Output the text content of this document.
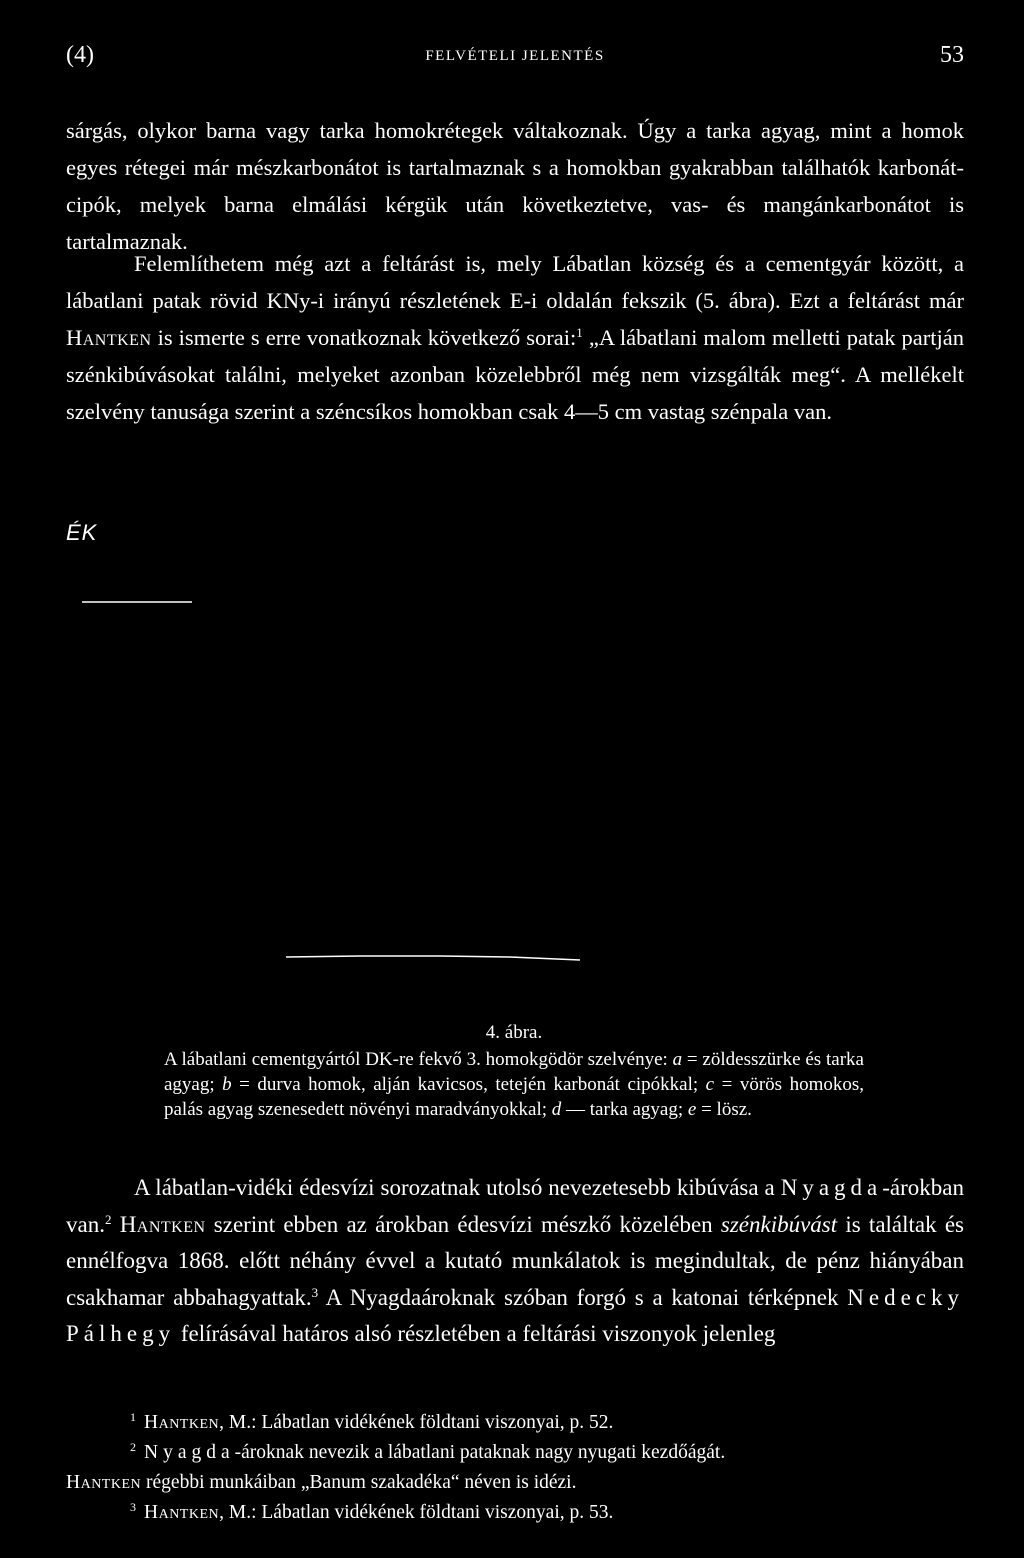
(4)	FELVÉTELI JELENTÉS	53

sárgás, olykor barna vagy tarka homokrétegek váltakoznak. Úgy a tarka agyag, mint a homok egyes rétegei már mészkarbonátot is tartalmaznak s a homokban gyakrabban találhatók karbonát-cipók, melyek barna elmálási kérgük után következtetve, vas- és mangánkarbonátot is tartalmaznak.

Felemlíthetem még azt a feltárást is, mely Lábatlan község és a cementgyár között, a lábatlani patak rövid KNy-i irányú részletének E-i oldalán fekszik (5. ábra). Ezt a feltárást már Hantken is ismerte s erre vonatkoznak következő sorai:$^1$ „A lábatlani malom melletti patak partján szénkibúvásokat találni, melyeket azonban közelebbről még nem vizsgálták meg“. A mellékelt szelvény tanusága szerint a széncsíkos homokban csak 4—5 cm vastag szénpala van.

ÉK

4. ábra.
A lábatlani cementgyártól DK-re fekvő 3. homokgödör szelvénye: a = zöldesszürke és tarka agyag; b = durva homok, alján kavicsos, tetején karbonát cipókkal; c = vörös homokos, palás agyag szenesedett növényi maradványokkal; d — tarka agyag; e = lösz.

A lábatlan-vidéki édesvízi sorozatnak utolsó nevezetesebb kibúvása a Nyagda-árokban van.$^2$ Hantken szerint ebben az árokban édesvízi mészkő közelében szénkibúvást is találtak és ennélfogva 1868. előtt néhány évvel a kutató munkálatok is megindultak, de pénz hiányában csakhamar abbahagyattak.$^3$ A Nyagdaároknak szóban forgó s a katonai térképnek Nedecky Pálhegy felírásával határos alsó részletében a feltárási viszonyok jelenleg

$^1$ Hantken, M.: Lábatlan vidékének földtani viszonyai, p. 52.
$^2$ Nyagda-ároknak nevezik a lábatlani pataknak nagy nyugati kezdőágát.
Hantken régebbi munkáiban „Banum szakadéka“ néven is idézi.
$^3$ Hantken, M.: Lábatlan vidékének földtani viszonyai, p. 53.
